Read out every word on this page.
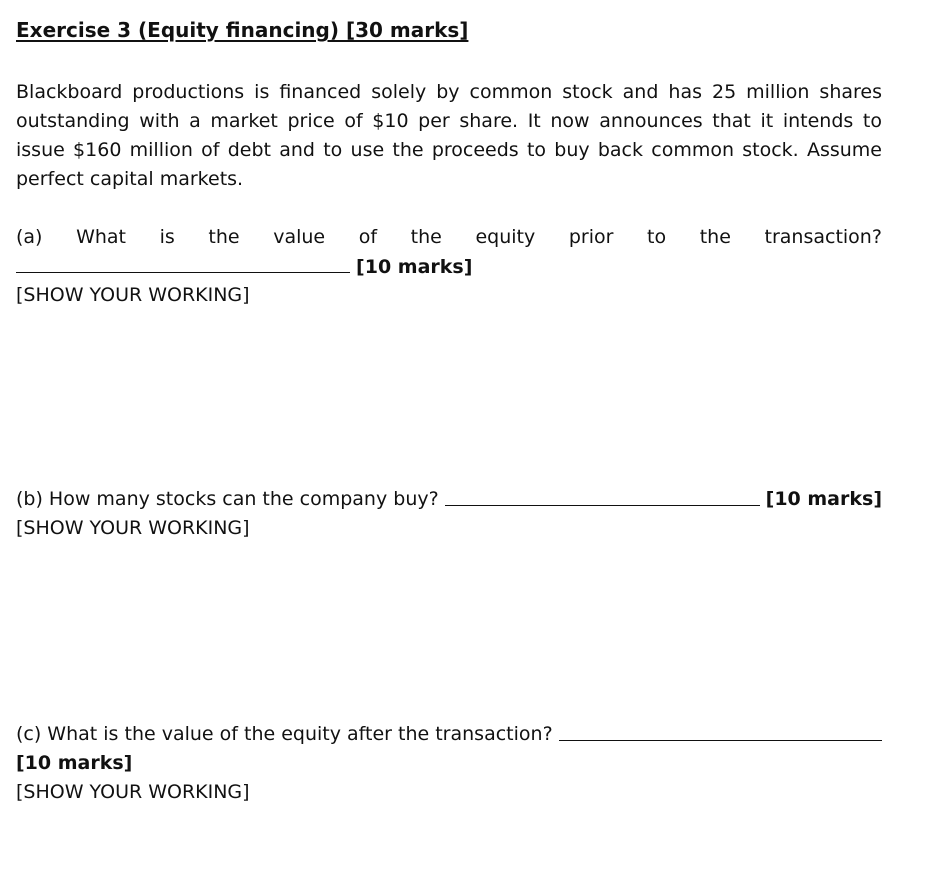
Exercise 3 (Equity financing) [30 marks]

Blackboard productions is financed solely by common stock and has 25 million shares outstanding with a market price of $10 per share. It now announces that it intends to issue $160 million of debt and to use the proceeds to buy back common stock. Assume perfect capital markets.

(a) What is the value of the equity prior to the transaction?
[10 marks]
[SHOW YOUR WORKING]
(b) How many stocks can the company buy?	[10 marks]
[SHOW YOUR WORKING]
(c) What is the value of the equity after the transaction?
[10 marks]
[SHOW YOUR WORKING]
